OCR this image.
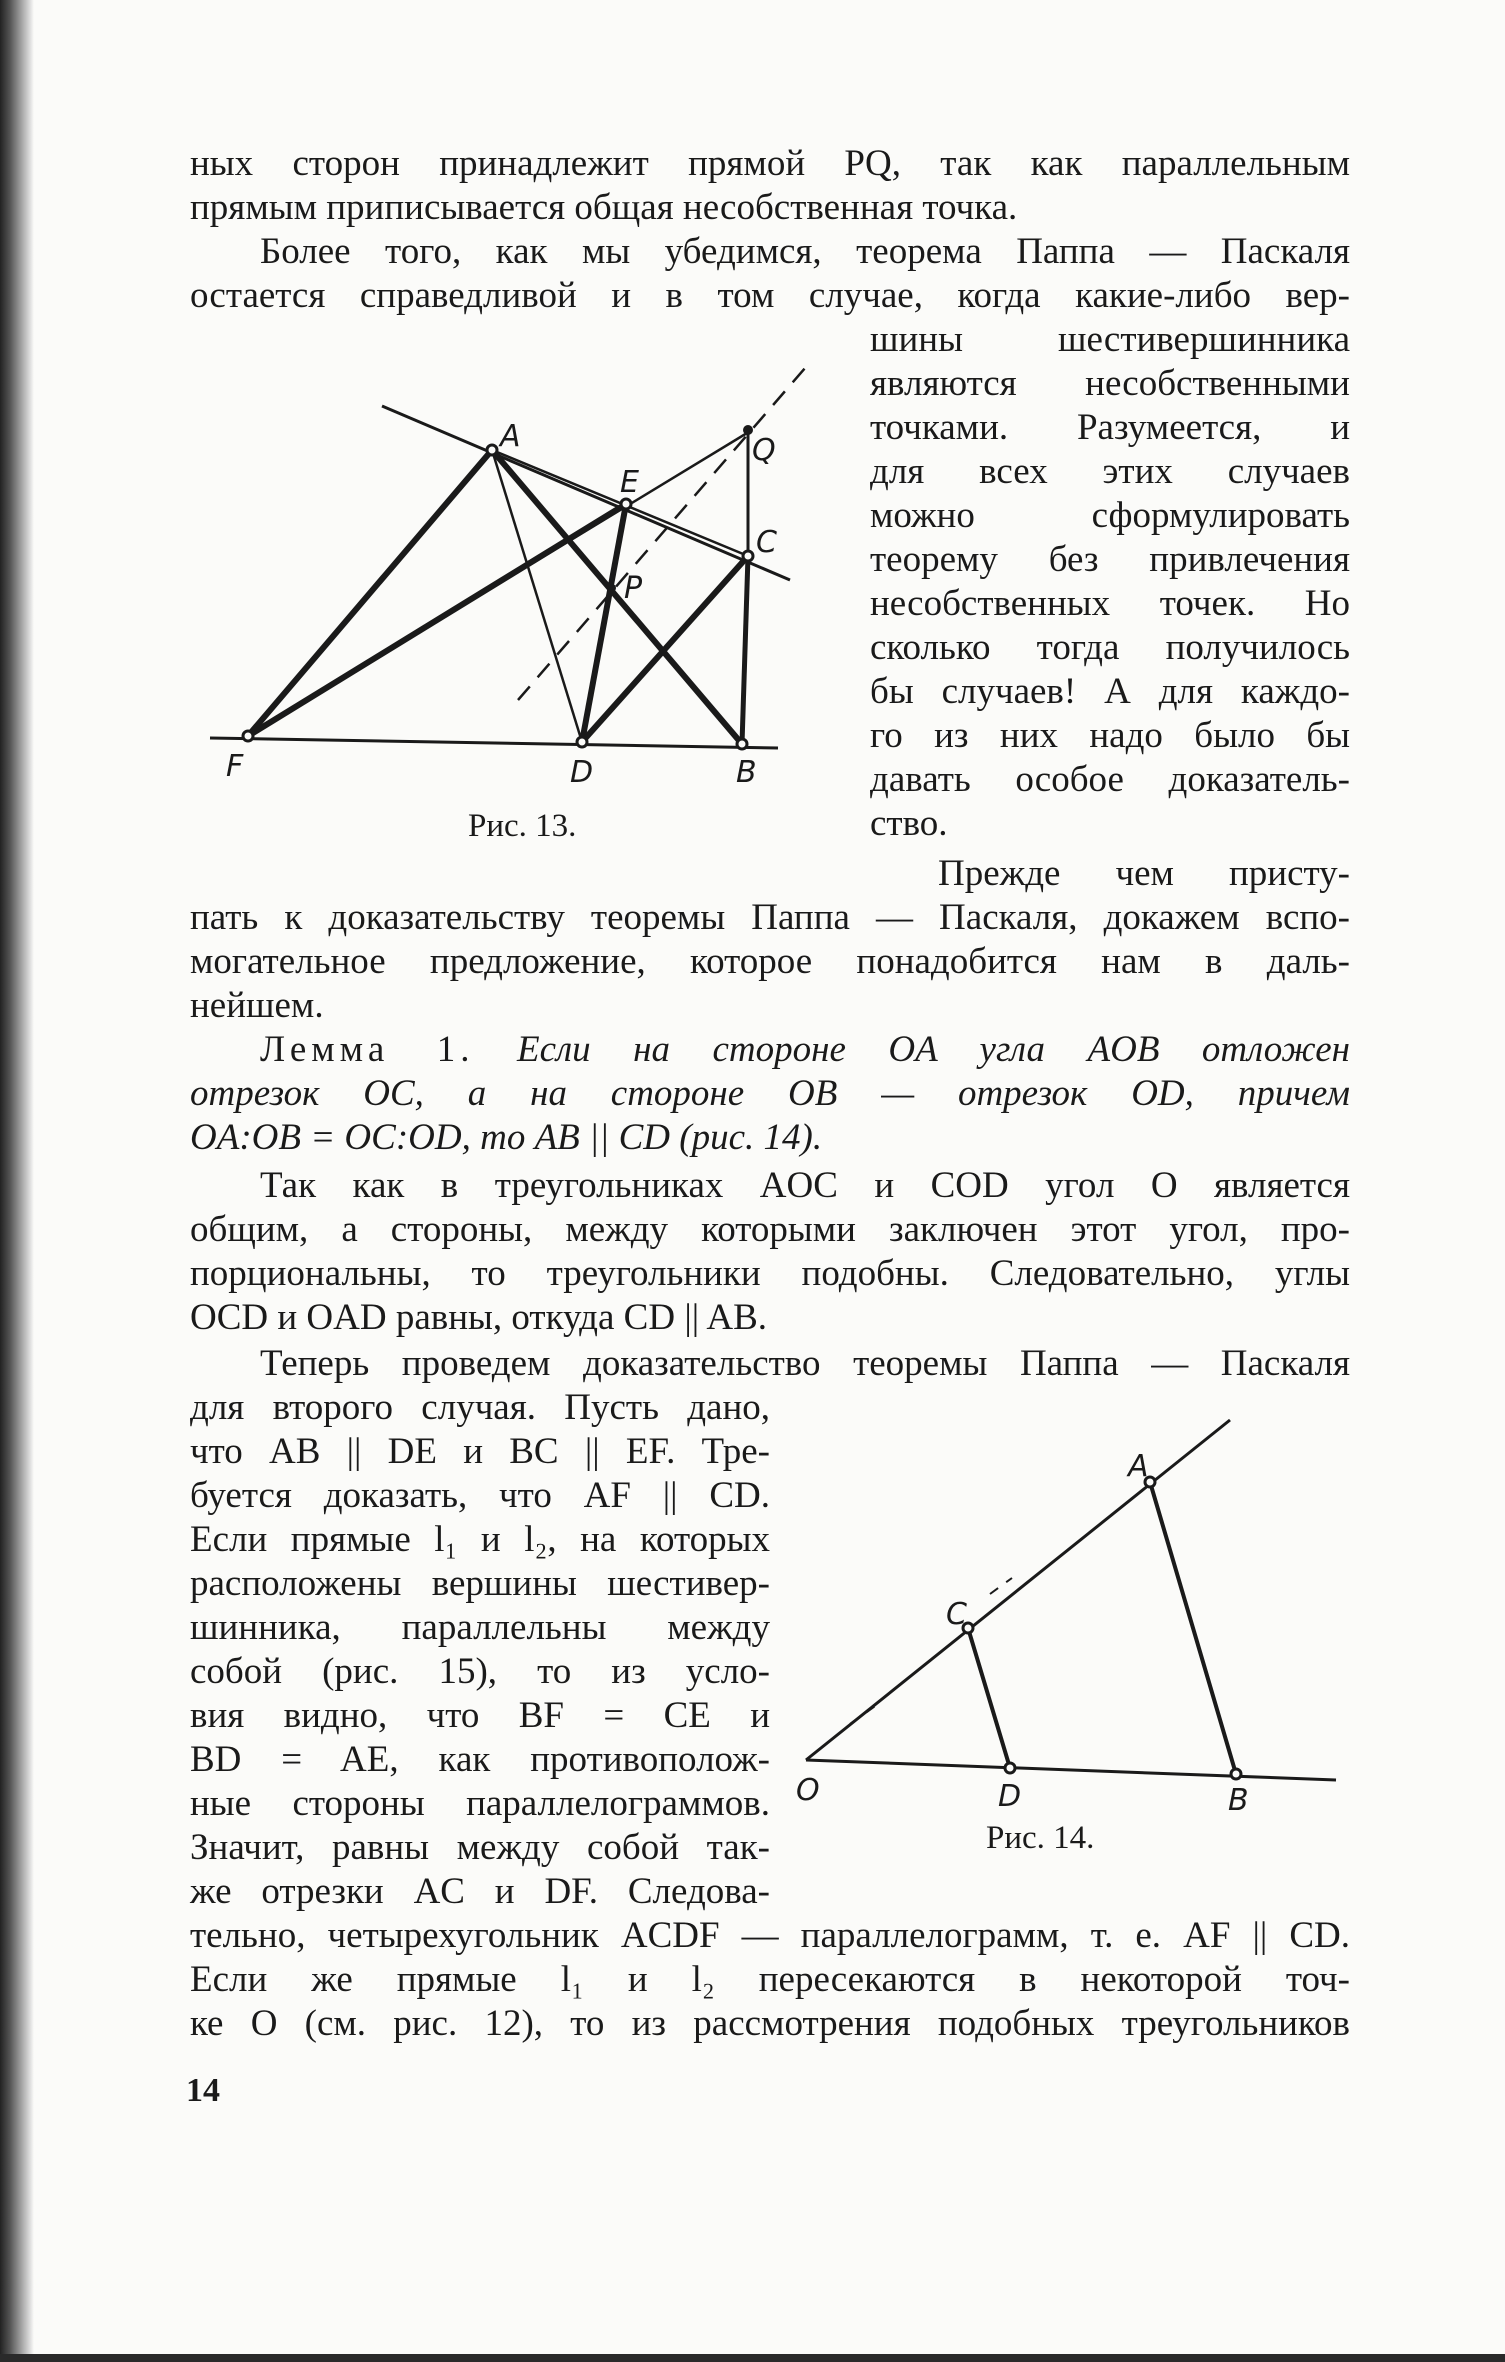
ных сторон принадлежит прямой PQ, так как параллельным
прямым приписывается общая несобственная точка.
Более того, как мы убедимся, теорема Паппа — Паскаля
остается справедливой и в том случае, когда какие-либо вер-
шины шестивершинника
являются несобственными
точками. Разумеется, и
для всех этих случаев
можно сформулировать
теорему без привлечения
несобственных точек. Но
сколько тогда получилось
бы случаев! А для каждо-
го из них надо было бы
давать особое доказатель-
ство.
A
E
Q
C
P
F	D	B
Рис. 13.
Прежде чем присту-
пать к доказательству теоремы Паппа — Паскаля, докажем вспо-
могательное предложение, которое понадобится нам в даль-
нейшем.
Лемма 1. Если на стороне OA угла AOB отложен
отрезок OC, а на стороне OB — отрезок OD, причем
OA:OB = OC:OD, то AB || CD (рис. 14).
Так как в треугольниках AOC и COD угол O является
общим, а стороны, между которыми заключен этот угол, про-
порциональны, то треугольники подобны. Следовательно, углы
OCD и OAD равны, откуда CD || AB.
Теперь проведем доказательство теоремы Паппа — Паскаля
для второго случая. Пусть дано,
что AB || DE и BC || EF. Тре-
буется доказать, что AF || CD.
Если прямые l₁ и l₂, на которых
расположены вершины шестивер-
шинника, параллельны между
собой (рис. 15), то из усло-
вия видно, что BF = CE и
BD = AE, как противополож-
ные стороны параллелограммов.
Значит, равны между собой так-
же отрезки AC и DF. Следова-
тельно, четырехугольник ACDF — параллелограмм, т. е. AF || CD.
Если же прямые l₁ и l₂ пересекаются в некоторой точ-
ке O (см. рис. 12), то из рассмотрения подобных треугольников
A
C
O	D	B
Рис. 14.
14
